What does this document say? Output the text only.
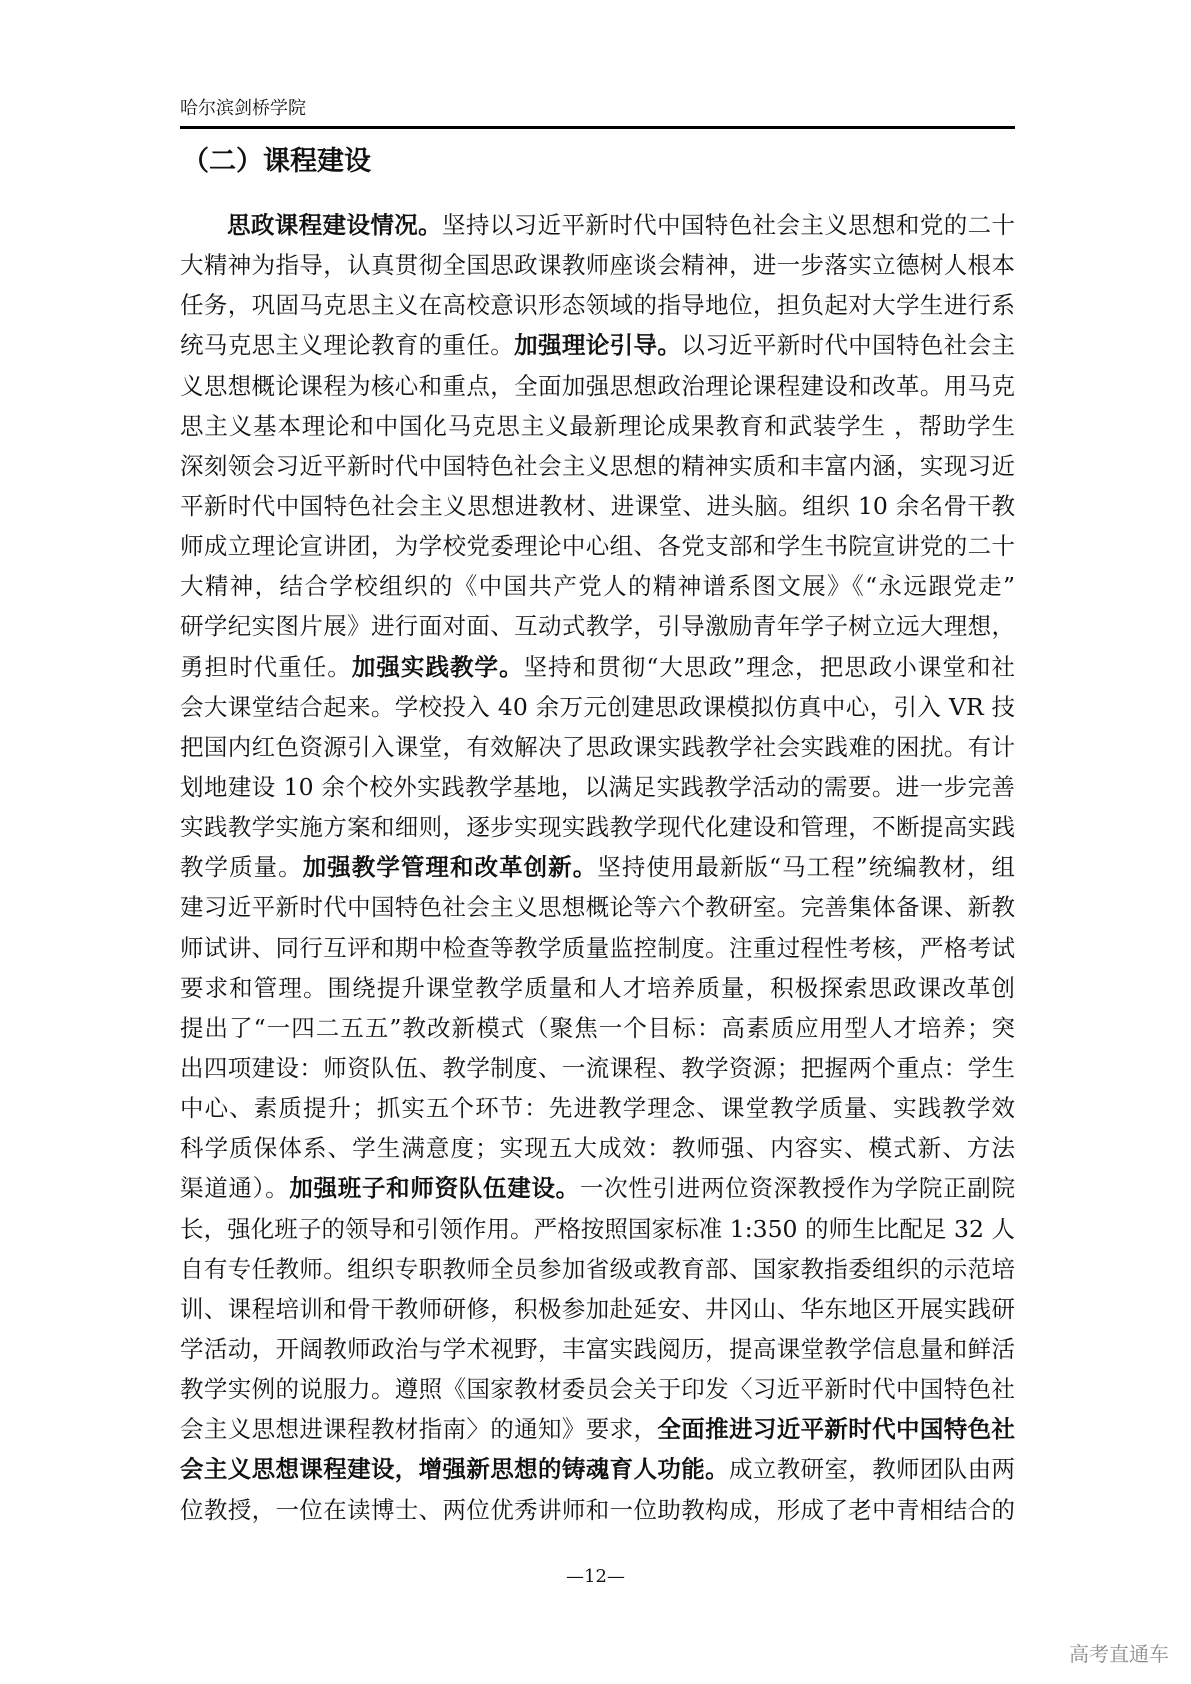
哈尔滨剑桥学院
（二）课程建设
思政课程建设情况。坚持以习近平新时代中国特色社会主义思想和党的二十
大精神为指导，认真贯彻全国思政课教师座谈会精神，进一步落实立德树人根本
任务，巩固马克思主义在高校意识形态领域的指导地位，担负起对大学生进行系
统马克思主义理论教育的重任。加强理论引导。以习近平新时代中国特色社会主
义思想概论课程为核心和重点，全面加强思想政治理论课程建设和改革。用马克
思主义基本理论和中国化马克思主义最新理论成果教育和武装学生 ，帮助学生
深刻领会习近平新时代中国特色社会主义思想的精神实质和丰富内涵，实现习近
平新时代中国特色社会主义思想进教材、进课堂、进头脑。组织 10 余名骨干教
师成立理论宣讲团，为学校党委理论中心组、各党支部和学生书院宣讲党的二十
大精神，结合学校组织的《中国共产党人的精神谱系图文展》《“永远跟党走”
研学纪实图片展》进行面对面、互动式教学，引导激励青年学子树立远大理想，
勇担时代重任。加强实践教学。坚持和贯彻“大思政”理念，把思政小课堂和社
会大课堂结合起来。学校投入 40 余万元创建思政课模拟仿真中心，引入 VR 技
把国内红色资源引入课堂，有效解决了思政课实践教学社会实践难的困扰。有计
划地建设 10 余个校外实践教学基地，以满足实践教学活动的需要。进一步完善
实践教学实施方案和细则，逐步实现实践教学现代化建设和管理，不断提高实践
教学质量。加强教学管理和改革创新。坚持使用最新版“马工程”统编教材，组
建习近平新时代中国特色社会主义思想概论等六个教研室。完善集体备课、新教
师试讲、同行互评和期中检查等教学质量监控制度。注重过程性考核，严格考试
要求和管理。围绕提升课堂教学质量和人才培养质量，积极探索思政课改革创
提出了“一四二五五”教改新模式（聚焦一个目标：高素质应用型人才培养；突
出四项建设：师资队伍、教学制度、一流课程、教学资源；把握两个重点：学生
中心、素质提升；抓实五个环节：先进教学理念、课堂教学质量、实践教学效
科学质保体系、学生满意度；实现五大成效：教师强、内容实、模式新、方法
渠道通）。加强班子和师资队伍建设。一次性引进两位资深教授作为学院正副院
长，强化班子的领导和引领作用。严格按照国家标准 1:350 的师生比配足 32 人
自有专任教师。组织专职教师全员参加省级或教育部、国家教指委组织的示范培
训、课程培训和骨干教师研修，积极参加赴延安、井冈山、华东地区开展实践研
学活动，开阔教师政治与学术视野，丰富实践阅历，提高课堂教学信息量和鲜活
教学实例的说服力。遵照《国家教材委员会关于印发〈习近平新时代中国特色社
会主义思想进课程教材指南〉的通知》要求，全面推进习近平新时代中国特色社
会主义思想课程建设，增强新思想的铸魂育人功能。成立教研室，教师团队由两
位教授，一位在读博士、两位优秀讲师和一位助教构成，形成了老中青相结合的
—12—
高考直通车
